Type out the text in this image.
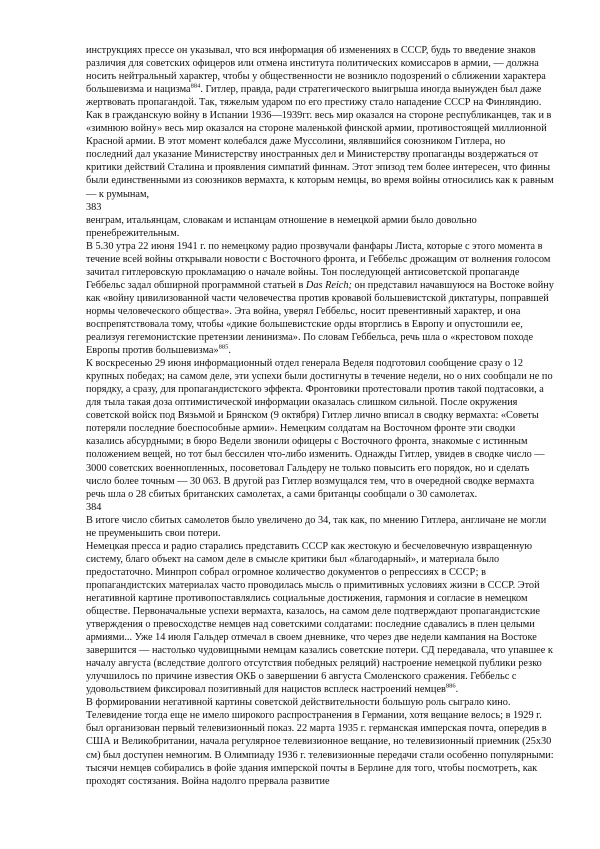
инструкциях прессе он указывал, что вся информация об изменениях в СССР, будь то введение знаков различия для советских офицеров или отмена института политических комиссаров в армии, — должна носить нейтральный характер, чтобы у общественности не возникло подозрений о сближении характера большевизма и нацизма$^{884}$. Гитлер, правда, ради стратегического выигрыша иногда вынужден был даже жертвовать пропагандой. Так, тяжелым ударом по его престижу стало нападение СССР на Финляндию. Как в гражданскую войну в Испании 1936—1939гг. весь мир оказался на стороне республиканцев, так и в «зимнюю войну» весь мир оказался на стороне маленькой финской армии, противостоящей миллионной Красной армии. В этот момент колебался даже Муссолини, являвшийся союзником Гитлера, но последний дал указание Министерству иностранных дел и Министерству пропаганды воздержаться от критики действий Сталина и проявления симпатий финнам. Этот эпизод тем более интересен, что финны были единственными из союзников вермахта, к которым немцы, во время войны относились как к равным — к румынам,

383

венграм, итальянцам, словакам и испанцам отношение в немецкой армии было довольно пренебрежительным.

В 5.30 утра 22 июня 1941 г. по немецкому радио прозвучали фанфары Листа, которые с этого момента в течение всей войны открывали новости с Восточного фронта, и Геббельс дрожащим от волнения голосом зачитал гитлеровскую прокламацию о начале войны. Тон последующей антисоветской пропаганде Геббельс задал обширной программной статьей в Das Reich; он представил начавшуюся на Востоке войну как «войну цивилизованной части человечества против кровавой большевистской диктатуры, поправшей нормы человеческого общества». Эта война, уверял Геббельс, носит превентивный характер, и она воспрепятствовала тому, чтобы «дикие большевистские орды вторглись в Европу и опустошили ее, реализуя гегемонистские претензии ленинизма». По словам Геббельса, речь шла о «крестовом походе Европы против большевизма»$^{885}$.

К воскресенью 29 июня информационный отдел генерала Веделя подготовил сообщение сразу о 12 крупных победах; на самом деле, эти успехи были достигнуты в течение недели, но о них сообщали не по порядку, а сразу, для пропагандистского эффекта. Фронтовики протестовали против такой подтасовки, а для тыла такая доза оптимистической информации оказалась слишком сильной. После окружения советской войск под Вязьмой и Брянском (9 октября) Гитлер лично вписал в сводку вермахта: «Советы потеряли последние боеспособные армии». Немецким солдатам на Восточном фронте эти сводки казались абсурдными; в бюро Ведели звонили офицеры с Восточного фронта, знакомые с истинным положением вещей, но тот был бессилен что-либо изменить. Однажды Гитлер, увидев в сводке число — 3000 советских военнопленных, посоветовал Гальдеру не только повысить его порядок, но и сделать число более точным — 30 063. В другой раз Гитлер возмущался тем, что в очередной сводке вермахта речь шла о 28 сбитых британских самолетах, а сами британцы сообщали о 30 самолетах.

384

В итоге число сбитых самолетов было увеличено до 34, так как, по мнению Гитлера, англичане не могли не преуменьшить свои потери.

Немецкая пресса и радио старались представить СССР как жестокую и бесчеловечную извращенную систему, благо объект на самом деле в смысле критики был «благодарный», и материала было предостаточно. Минпроп собрал огромное количество документов о репрессиях в СССР; в пропагандистских материалах часто проводилась мысль о примитивных условиях жизни в СССР. Этой негативной картине противопоставлялись социальные достижения, гармония и согласие в немецком обществе. Первоначальные успехи вермахта, казалось, на самом деле подтверждают пропагандистские утверждения о превосходстве немцев над советскими солдатами: последние сдавались в плен целыми армиями... Уже 14 июля Гальдер отмечал в своем дневнике, что через две недели кампания на Востоке завершится — настолько чудовищными немцам казались советские потери. СД передавала, что упавшее к началу августа (вследствие долгого отсутствия победных реляций) настроение немецкой публики резко улучшилось по причине известия ОКБ о завершении 6 августа Смоленского сражения. Геббельс с удовольствием фиксировал позитивный для нацистов всплеск настроений немцев$^{886}$.

В формировании негативной картины советской действительности большую роль сыграло кино. Телевидение тогда еще не имело широкого распространения в Германии, хотя вещание велось; в 1929 г. был организован первый телевизионный показ. 22 марта 1935 г. германская имперская почта, опередив в США и Великобритании, начала регулярное телевизионное вещание, но телевизионный приемник (25x30 см) был доступен немногим. В Олимпиаду 1936 г. телевизионные передачи стали особенно популярными: тысячи немцев собирались в фойе здания имперской почты в Берлине для того, чтобы посмотреть, как проходят состязания. Война надолго прервала развитие
